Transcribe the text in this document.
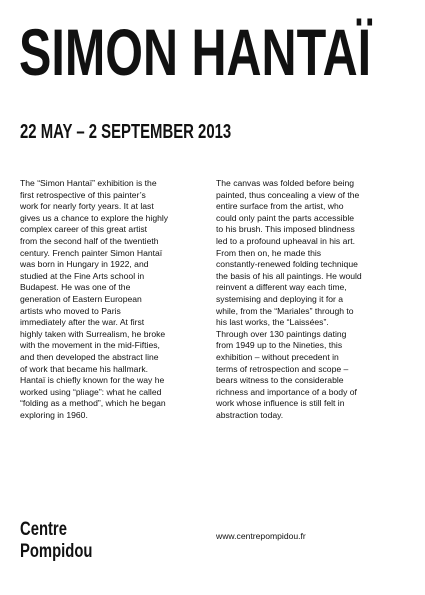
SIMON HANTAÏ
22 MAY – 2 SEPTEMBER 2013

The “Simon Hantaï” exhibition is the
first retrospective of this painter’s
work for nearly forty years. It at last
gives us a chance to explore the highly
complex career of this great artist
from the second half of the twentieth
century. French painter Simon Hantaï
was born in Hungary in 1922, and
studied at the Fine Arts school in
Budapest. He was one of the
generation of Eastern European
artists who moved to Paris
immediately after the war. At first
highly taken with Surrealism, he broke
with the movement in the mid-Fifties,
and then developed the abstract line
of work that became his hallmark.
Hantaï is chiefly known for the way he
worked using “pliage”: what he called
“folding as a method”, which he began
exploring in 1960.

The canvas was folded before being
painted, thus concealing a view of the
entire surface from the artist, who
could only paint the parts accessible
to his brush. This imposed blindness
led to a profound upheaval in his art.
From then on, he made this
constantly-renewed folding technique
the basis of his all paintings. He would
reinvent a different way each time,
systemising and deploying it for a
while, from the “Mariales” through to
his last works, the “Laissées”.
Through over 130 paintings dating
from 1949 up to the Nineties, this
exhibition – without precedent in
terms of retrospection and scope –
bears witness to the considerable
richness and importance of a body of
work whose influence is still felt in
abstraction today.

Centre
Pompidou
www.centrepompidou.fr
